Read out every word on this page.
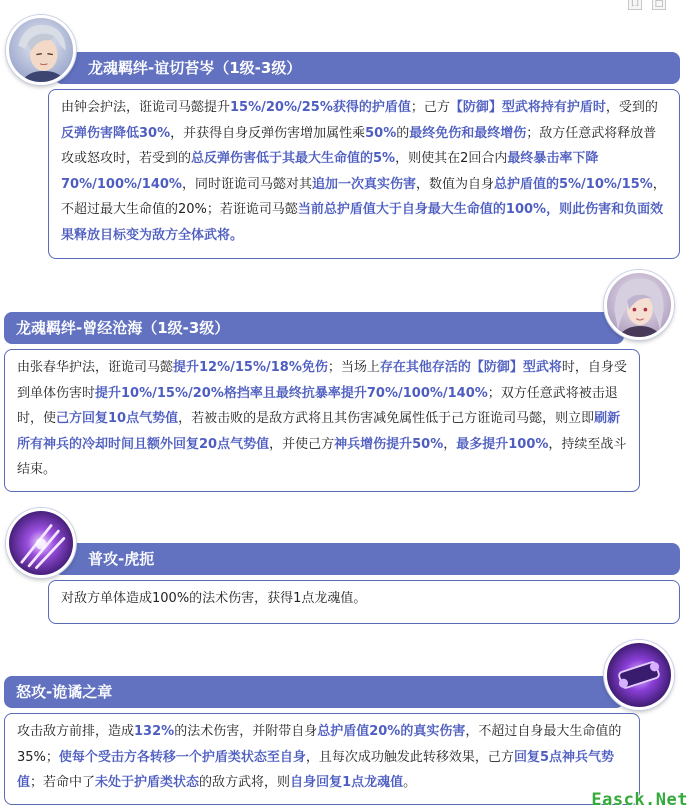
口	□
龙魂羁绊-谊切苔岑（1级-3级）
由钟会护法，诳诡司马懿提升15%/20%/25%获得的护盾值；己方【防御】型武将持有护盾时，受到的反弹伤害降低30%，并获得自身反弹伤害增加属性乘50%的最终免伤和最终增伤；敌方任意武将释放普攻或怒攻时，若受到的总反弹伤害低于其最大生命值的5%，则使其在2回合内最终暴击率下降70%/100%/140%，同时诳诡司马懿对其追加一次真实伤害，数值为自身总护盾值的5%/10%/15%，不超过最大生命值的20%；若诳诡司马懿当前总护盾值大于自身最大生命值的100%，则此伤害和负面效果释放目标变为敌方全体武将。
龙魂羁绊-曾经沧海（1级-3级）
由张春华护法，诳诡司马懿提升12%/15%/18%免伤；当场上存在其他存活的【防御】型武将时，自身受到单体伤害时提升10%/15%/20%格挡率且最终抗暴率提升70%/100%/140%；双方任意武将被击退时，使己方回复10点气势值，若被击败的是敌方武将且其伤害减免属性低于己方诳诡司马懿，则立即刷新所有神兵的冷却时间且额外回复20点气势值，并使己方神兵增伤提升50%，最多提升100%，持续至战斗结束。
普攻-虎扼
对敌方单体造成100%的法术伤害，获得1点龙魂值。
怒攻-诡谲之章
攻击敌方前排，造成132%的法术伤害，并附带自身总护盾值20%的真实伤害，不超过自身最大生命值的35%；使每个受击方各转移一个护盾类状态至自身，且每次成功触发此转移效果，己方回复5点神兵气势值；若命中了未处于护盾类状态的敌方武将，则自身回复1点龙魂值。
Easck.Net
